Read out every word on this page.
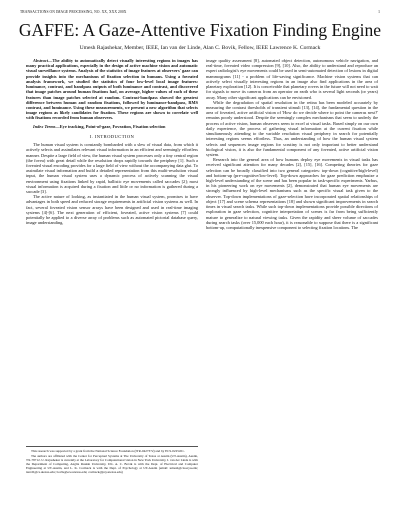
TRANSACTIONS ON IMAGE PROCESSING, NO. XX, XXX 200X	1
GAFFE: A Gaze-Attentive Fixation Finding Engine
Umesh Rajashekar, Member, IEEE, Ian van der Linde, Alan C. Bovik, Fellow, IEEE Lawrence K. Cormack

Abstract—The ability to automatically detect visually interesting regions in images has many practical applications, especially in the design of active machine vision and automatic visual surveillance systems. Analysis of the statistics of image features at observers' gaze can provide insights into the mechanisms of fixation selection in humans. Using a foveated analysis framework, we studied the statistics of four low-level local image features: luminance, contrast, and bandpass outputs of both luminance and contrast, and discovered that image patches around human fixations had, on average, higher values of each of these features than image patches selected at random. Contrast-bandpass showed the greatest difference between human and random fixations, followed by luminance-bandpass, RMS contrast, and luminance. Using these measurements, we present a new algorithm that selects image regions as likely candidates for fixation. These regions are shown to correlate well with fixations recorded from human observers.

Index Terms—Eye tracking, Point-of-gaze, Foveation, Fixation selection

I. INTRODUCTION

The human visual system is constantly bombarded with a slew of visual data, from which it actively selects and assimilates relevant visual information in an efficient and seemingly effortless manner. Despite a large field of view, the human visual system processes only a tiny central region (the fovea) with great detail while the resolution drops rapidly towards the periphery [1]. Such a foveated visual encoding provides for a large field of view without the accompanying data glut. To assimilate visual information and build a detailed representation from this multi-resolution visual input, the human visual system uses a dynamic process of actively scanning the visual environment using fixations linked by rapid, ballistic eye movements called saccades [2]; most visual information is acquired during a fixation and little or no information is gathered during a saccade [3].

The active nature of looking, as instantiated in the human visual system, promises to have advantages in both speed and reduced storage requirements in artificial vision systems as well. In fact, several foveated vision sensor arrays have been designed and used in real-time imaging systems [4]-[6]. The next generation of efficient, foveated, active vision systems [7] could potentially be applied to a diverse array of problems such as automated pictorial database query, image understanding,

This research was supported by a grant from the National Science Foundation (ITR-0427372) and by ECS-0225451.

The authors are affiliated with the Center for Perceptual Systems at The University of Texas at Austin (UT-Austin), Austin, TX-78712. U. Rajashekar is currently at the Laboratory for Computational vision in New York University, I. van der Linde is with the Department of Computing, Anglia Ruskin University, UK. A. C. Bovik is with the Dept. of Electrical and Computer Engineering at UT-Austin, and L. K. Cormack is with the Dept. of Psychology at UT-Austin (email: umesh@cns.nyu.edu; ianvdl@cs.utexas.edu; bovik@ece.utexas.edu; cormack@psy.utexas.edu)

image quality assessment [8], automated object detection, autonomous vehicle navigation, and real-time, foveated video compression [9], [10]. Also, the ability to understand and reproduce an expert radiologist's eye movements could be used in semi-automated detection of lesions in digital mammograms [11] - a problem of life-saving significance. Machine vision systems that can actively select visually interesting regions in an image also find applications in the area of planetary exploration [12]. It is conceivable that planetary rovers in the future will not need to wait for signals to move its cameras from an operator on earth who is several light seconds (or years) away. Many other significant applications can be envisioned.

While the degradation of spatial resolution in the retina has been modeled accurately by measuring the contrast thresholds of transient stimuli [13], [14], the fundamental question in the area of foveated, active artificial vision of 'How do we decide where to point the cameras next?' remains poorly understood. Despite the seemingly complex mechanisms that seem to underly the process of active vision, human observers seem to excel at visual tasks. Based simply on our own daily experience, the process of gathering visual information at the current fixation while simultaneously attending to the variable resolution visual periphery in search for potentially interesting regions seems effortless. Thus, an understanding of how the human visual system selects and sequences image regions for scrutiny is not only important to better understand biological vision, it is also the fundamental component of any foveated, active artificial vision system.

Research into the general area of how humans deploy eye movements in visual tasks has received significant attention for many decades [2], [15], [16]. Competing theories for gaze selection can be broadly classified into two general categories: top-down (cognitive/high-level) and bottom-up (pre-cognitive/low-level). Top-down approaches for gaze prediction emphasize a high-level understanding of the scene and has been popular in task-specific experiments. Yarbus, in his pioneering work on eye movements [2], demonstrated that human eye movements are strongly influenced by high-level mechanisms such as the specific visual task given to the observer. Top-down implementations of gaze-selection have incorporated spatial relationships of object [17] and scene schema representations [18] and shown significant improvements in search times in visual search tasks. While such top-down implementations provide possible directions of exploration in gaze selection, cognitive interpretation of scenes is far from being sufficiently mature to generalize to natural viewing tasks. Given the rapidity and sheer volume of saccades during search tasks (over 15,000 each hour), it is reasonable to suppose that there is a significant bottom-up, computationally inexpensive component to selecting fixation locations. The
